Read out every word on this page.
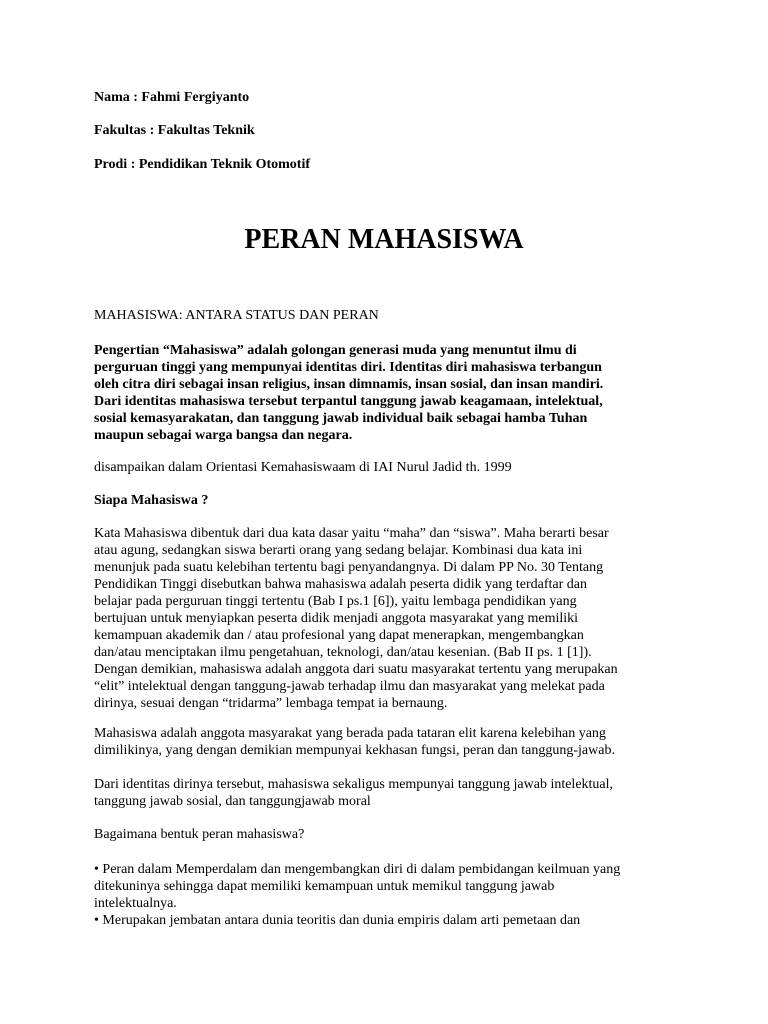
Nama : Fahmi Fergiyanto
Fakultas : Fakultas Teknik
Prodi : Pendidikan Teknik Otomotif
PERAN MAHASISWA
MAHASISWA: ANTARA STATUS DAN PERAN
Pengertian “Mahasiswa” adalah golongan generasi muda yang menuntut ilmu di
perguruan tinggi yang mempunyai identitas diri. Identitas diri mahasiswa terbangun
oleh citra diri sebagai insan religius, insan dimnamis, insan sosial, dan insan mandiri.
Dari identitas mahasiswa tersebut terpantul tanggung jawab keagamaan, intelektual,
sosial kemasyarakatan, dan tanggung jawab individual baik sebagai hamba Tuhan
maupun sebagai warga bangsa dan negara.
disampaikan dalam Orientasi Kemahasiswaam di IAI Nurul Jadid th. 1999
Siapa Mahasiswa ?
Kata Mahasiswa dibentuk dari dua kata dasar yaitu “maha” dan “siswa”. Maha berarti besar
atau agung, sedangkan siswa berarti orang yang sedang belajar. Kombinasi dua kata ini
menunjuk pada suatu kelebihan tertentu bagi penyandangnya. Di dalam PP No. 30 Tentang
Pendidikan Tinggi disebutkan bahwa mahasiswa adalah peserta didik yang terdaftar dan
belajar pada perguruan tinggi tertentu (Bab I ps.1 [6]), yaitu lembaga pendidikan yang
bertujuan untuk menyiapkan peserta didik menjadi anggota masyarakat yang memiliki
kemampuan akademik dan / atau profesional yang dapat menerapkan, mengembangkan
dan/atau menciptakan ilmu pengetahuan, teknologi, dan/atau kesenian. (Bab II ps. 1 [1]).
Dengan demikian, mahasiswa adalah anggota dari suatu masyarakat tertentu yang merupakan
“elit” intelektual dengan tanggung-jawab terhadap ilmu dan masyarakat yang melekat pada
dirinya, sesuai dengan “tridarma” lembaga tempat ia bernaung.
Mahasiswa adalah anggota masyarakat yang berada pada tataran elit karena kelebihan yang
dimilikinya, yang dengan demikian mempunyai kekhasan fungsi, peran dan tanggung-jawab.
Dari identitas dirinya tersebut, mahasiswa sekaligus mempunyai tanggung jawab intelektual,
tanggung jawab sosial, dan tanggungjawab moral
Bagaimana bentuk peran mahasiswa?
• Peran dalam Memperdalam dan mengembangkan diri di dalam pembidangan keilmuan yang
ditekuninya sehingga dapat memiliki kemampuan untuk memikul tanggung jawab
intelektualnya.
• Merupakan jembatan antara dunia teoritis dan dunia empiris dalam arti pemetaan dan
